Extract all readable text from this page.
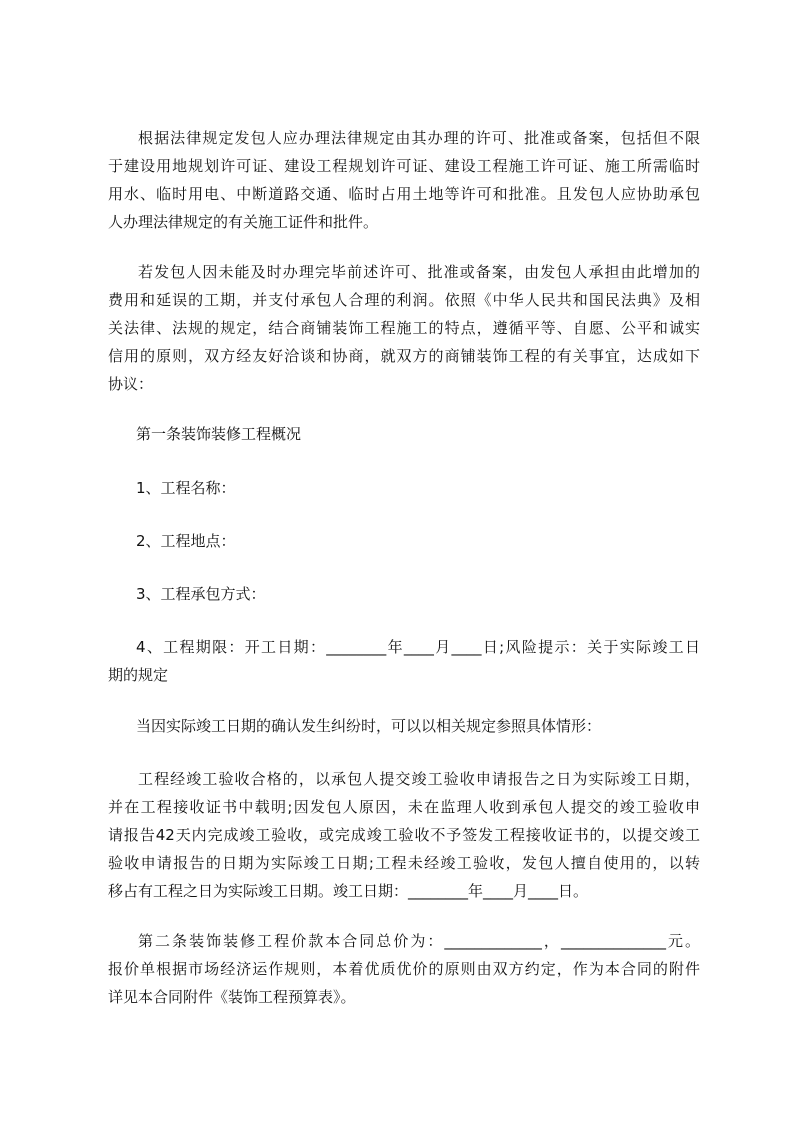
根据法律规定发包人应办理法律规定由其办理的许可、批准或备案，包括但不限
于建设用地规划许可证、建设工程规划许可证、建设工程施工许可证、施工所需临时
用水、临时用电、中断道路交通、临时占用土地等许可和批准。且发包人应协助承包
人办理法律规定的有关施工证件和批件。
若发包人因未能及时办理完毕前述许可、批准或备案，由发包人承担由此增加的
费用和延误的工期，并支付承包人合理的利润。依照《中华人民共和国民法典》及相
关法律、法规的规定，结合商铺装饰工程施工的特点，遵循平等、自愿、公平和诚实
信用的原则，双方经友好洽谈和协商，就双方的商铺装饰工程的有关事宜，达成如下
协议：
第一条装饰装修工程概况
1、工程名称：
2、工程地点：
3、工程承包方式：
4、工程期限：开工日期：________年____月____日;风险提示：关于实际竣工日
期的规定
当因实际竣工日期的确认发生纠纷时，可以以相关规定参照具体情形：
工程经竣工验收合格的，以承包人提交竣工验收申请报告之日为实际竣工日期，
并在工程接收证书中载明;因发包人原因，未在监理人收到承包人提交的竣工验收申
请报告42天内完成竣工验收，或完成竣工验收不予签发工程接收证书的，以提交竣工
验收申请报告的日期为实际竣工日期;工程未经竣工验收，发包人擅自使用的，以转
移占有工程之日为实际竣工日期。竣工日期：________年____月____日。
第二条装饰装修工程价款本合同总价为：_____________，______________元。
报价单根据市场经济运作规则，本着优质优价的原则由双方约定，作为本合同的附件
详见本合同附件《装饰工程预算表》。
